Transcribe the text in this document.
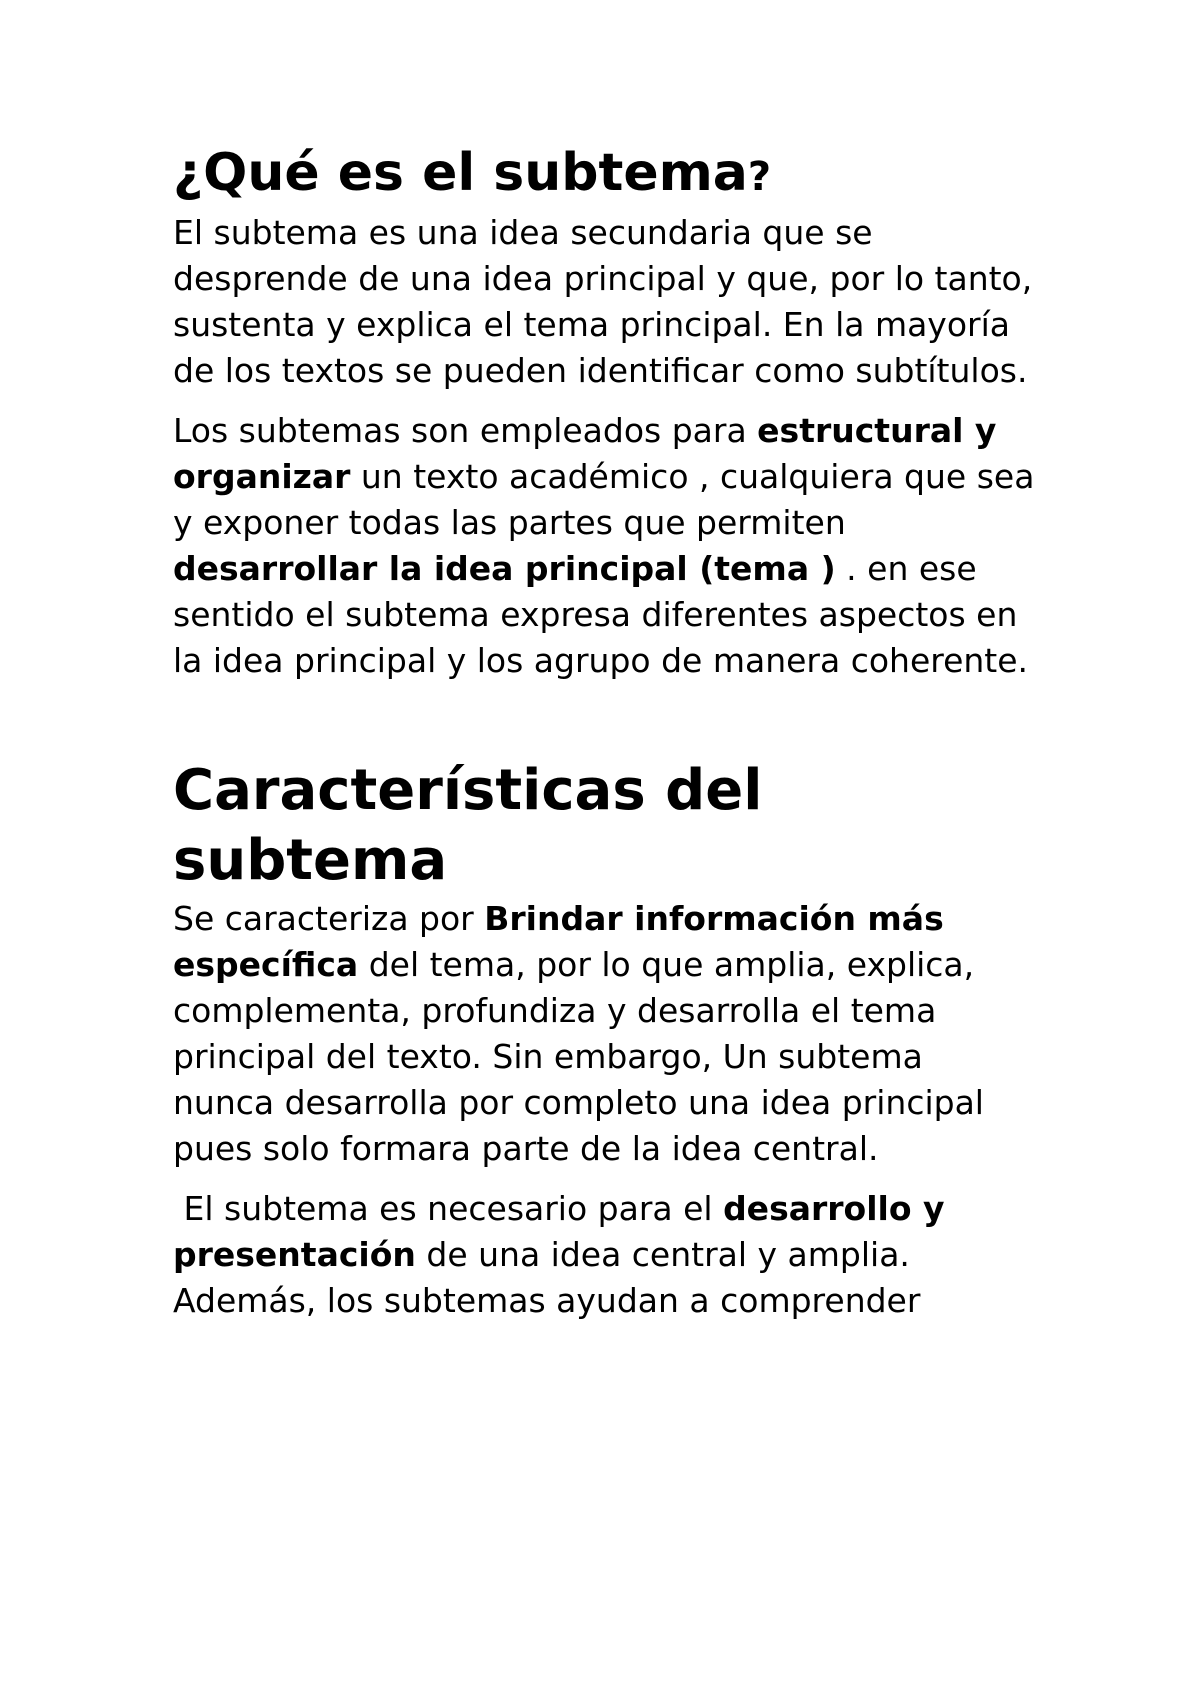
¿Qué es el subtema?

El subtema es una idea secundaria que se desprende de una idea principal y que, por lo tanto, sustenta y explica el tema principal. En la mayoría de los textos se pueden identificar como subtítulos.

Los subtemas son empleados para estructural y organizar un texto académico , cualquiera que sea y exponer todas las partes que permiten desarrollar la idea principal (tema ) . en ese sentido el subtema expresa diferentes aspectos en la idea principal y los agrupo de manera coherente.

Características del subtema

Se caracteriza por Brindar información más específica del tema, por lo que amplia, explica, complementa, profundiza y desarrolla el tema principal del texto. Sin embargo, Un subtema   nunca desarrolla por completo una idea principal pues solo formara parte de la idea central.

El subtema es necesario para el desarrollo y presentación de una idea central y amplia. Además, los subtemas ayudan a comprender
